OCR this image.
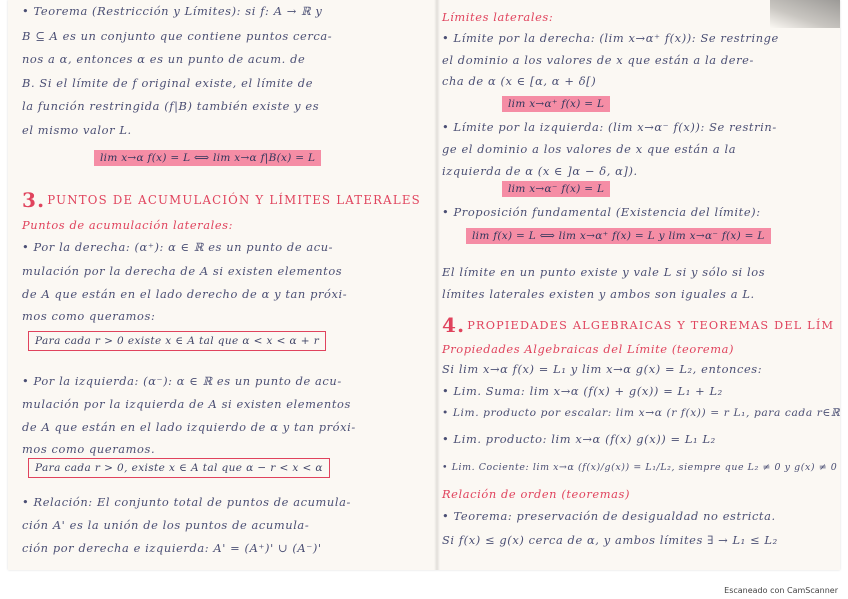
• Teorema (Restricción y Límites): si f: A → ℝ y
B ⊆ A es un conjunto que contiene puntos cerca-
nos a α, entonces α es un punto de acum. de
B. Si el límite de f original existe, el límite de
la función restringida (f|B) también existe y es
el mismo valor L.
lim x→α f(x) = L ⟺ lim x→α f|B(x) = L
3. PUNTOS DE ACUMULACIÓN Y LÍMITES LATERALES
Puntos de acumulación laterales:
• Por la derecha: (α⁺): α ∈ ℝ es un punto de acu-
mulación por la derecha de A si existen elementos
de A que están en el lado derecho de α y tan próxi-
mos como queramos:
Para cada r > 0 existe x ∈ A tal que α < x < α + r
• Por la izquierda: (α⁻): α ∈ ℝ es un punto de acu-
mulación por la izquierda de A si existen elementos
de A que están en el lado izquierdo de α y tan próxi-
mos como queramos.
Para cada r > 0, existe x ∈ A tal que α − r < x < α
• Relación: El conjunto total de puntos de acumula-
ción A' es la unión de los puntos de acumula-
ción por derecha e izquierda: A' = (A⁺)' ∪ (A⁻)'
Límites laterales:
• Límite por la derecha: (lim x→α⁺ f(x)): Se restringe
el dominio a los valores de x que están a la dere-
cha de α (x ∈ [α, α + δ[)
lim x→α⁺ f(x) = L
• Límite por la izquierda: (lim x→α⁻ f(x)): Se restrin-
ge el dominio a los valores de x que están a la
izquierda de α (x ∈ ]α − δ, α]).
lim x→α⁻ f(x) = L
• Proposición fundamental (Existencia del límite):
lim f(x) = L ⟺ lim x→α⁺ f(x) = L y lim x→α⁻ f(x) = L
El límite en un punto existe y vale L si y sólo si los
límites laterales existen y ambos son iguales a L.
4. PROPIEDADES ALGEBRAICAS Y TEOREMAS DEL LÍM
Propiedades Algebraicas del Límite (teorema)
Si lim x→α f(x) = L₁ y lim x→α g(x) = L₂, entonces:
• Lim. Suma: lim x→α (f(x) + g(x)) = L₁ + L₂
• Lim. producto por escalar: lim x→α (r f(x)) = r L₁, para cada r∈ℝ
• Lim. producto: lim x→α (f(x) g(x)) = L₁ L₂
• Lim. Cociente: lim x→α (f(x)/g(x)) = L₁/L₂, siempre que L₂ ≠ 0 y g(x) ≠ 0
Relación de orden (teoremas)
• Teorema: preservación de desigualdad no estricta.
Si f(x) ≤ g(x) cerca de α, y ambos límites ∃ → L₁ ≤ L₂
Escaneado con CamScanner
